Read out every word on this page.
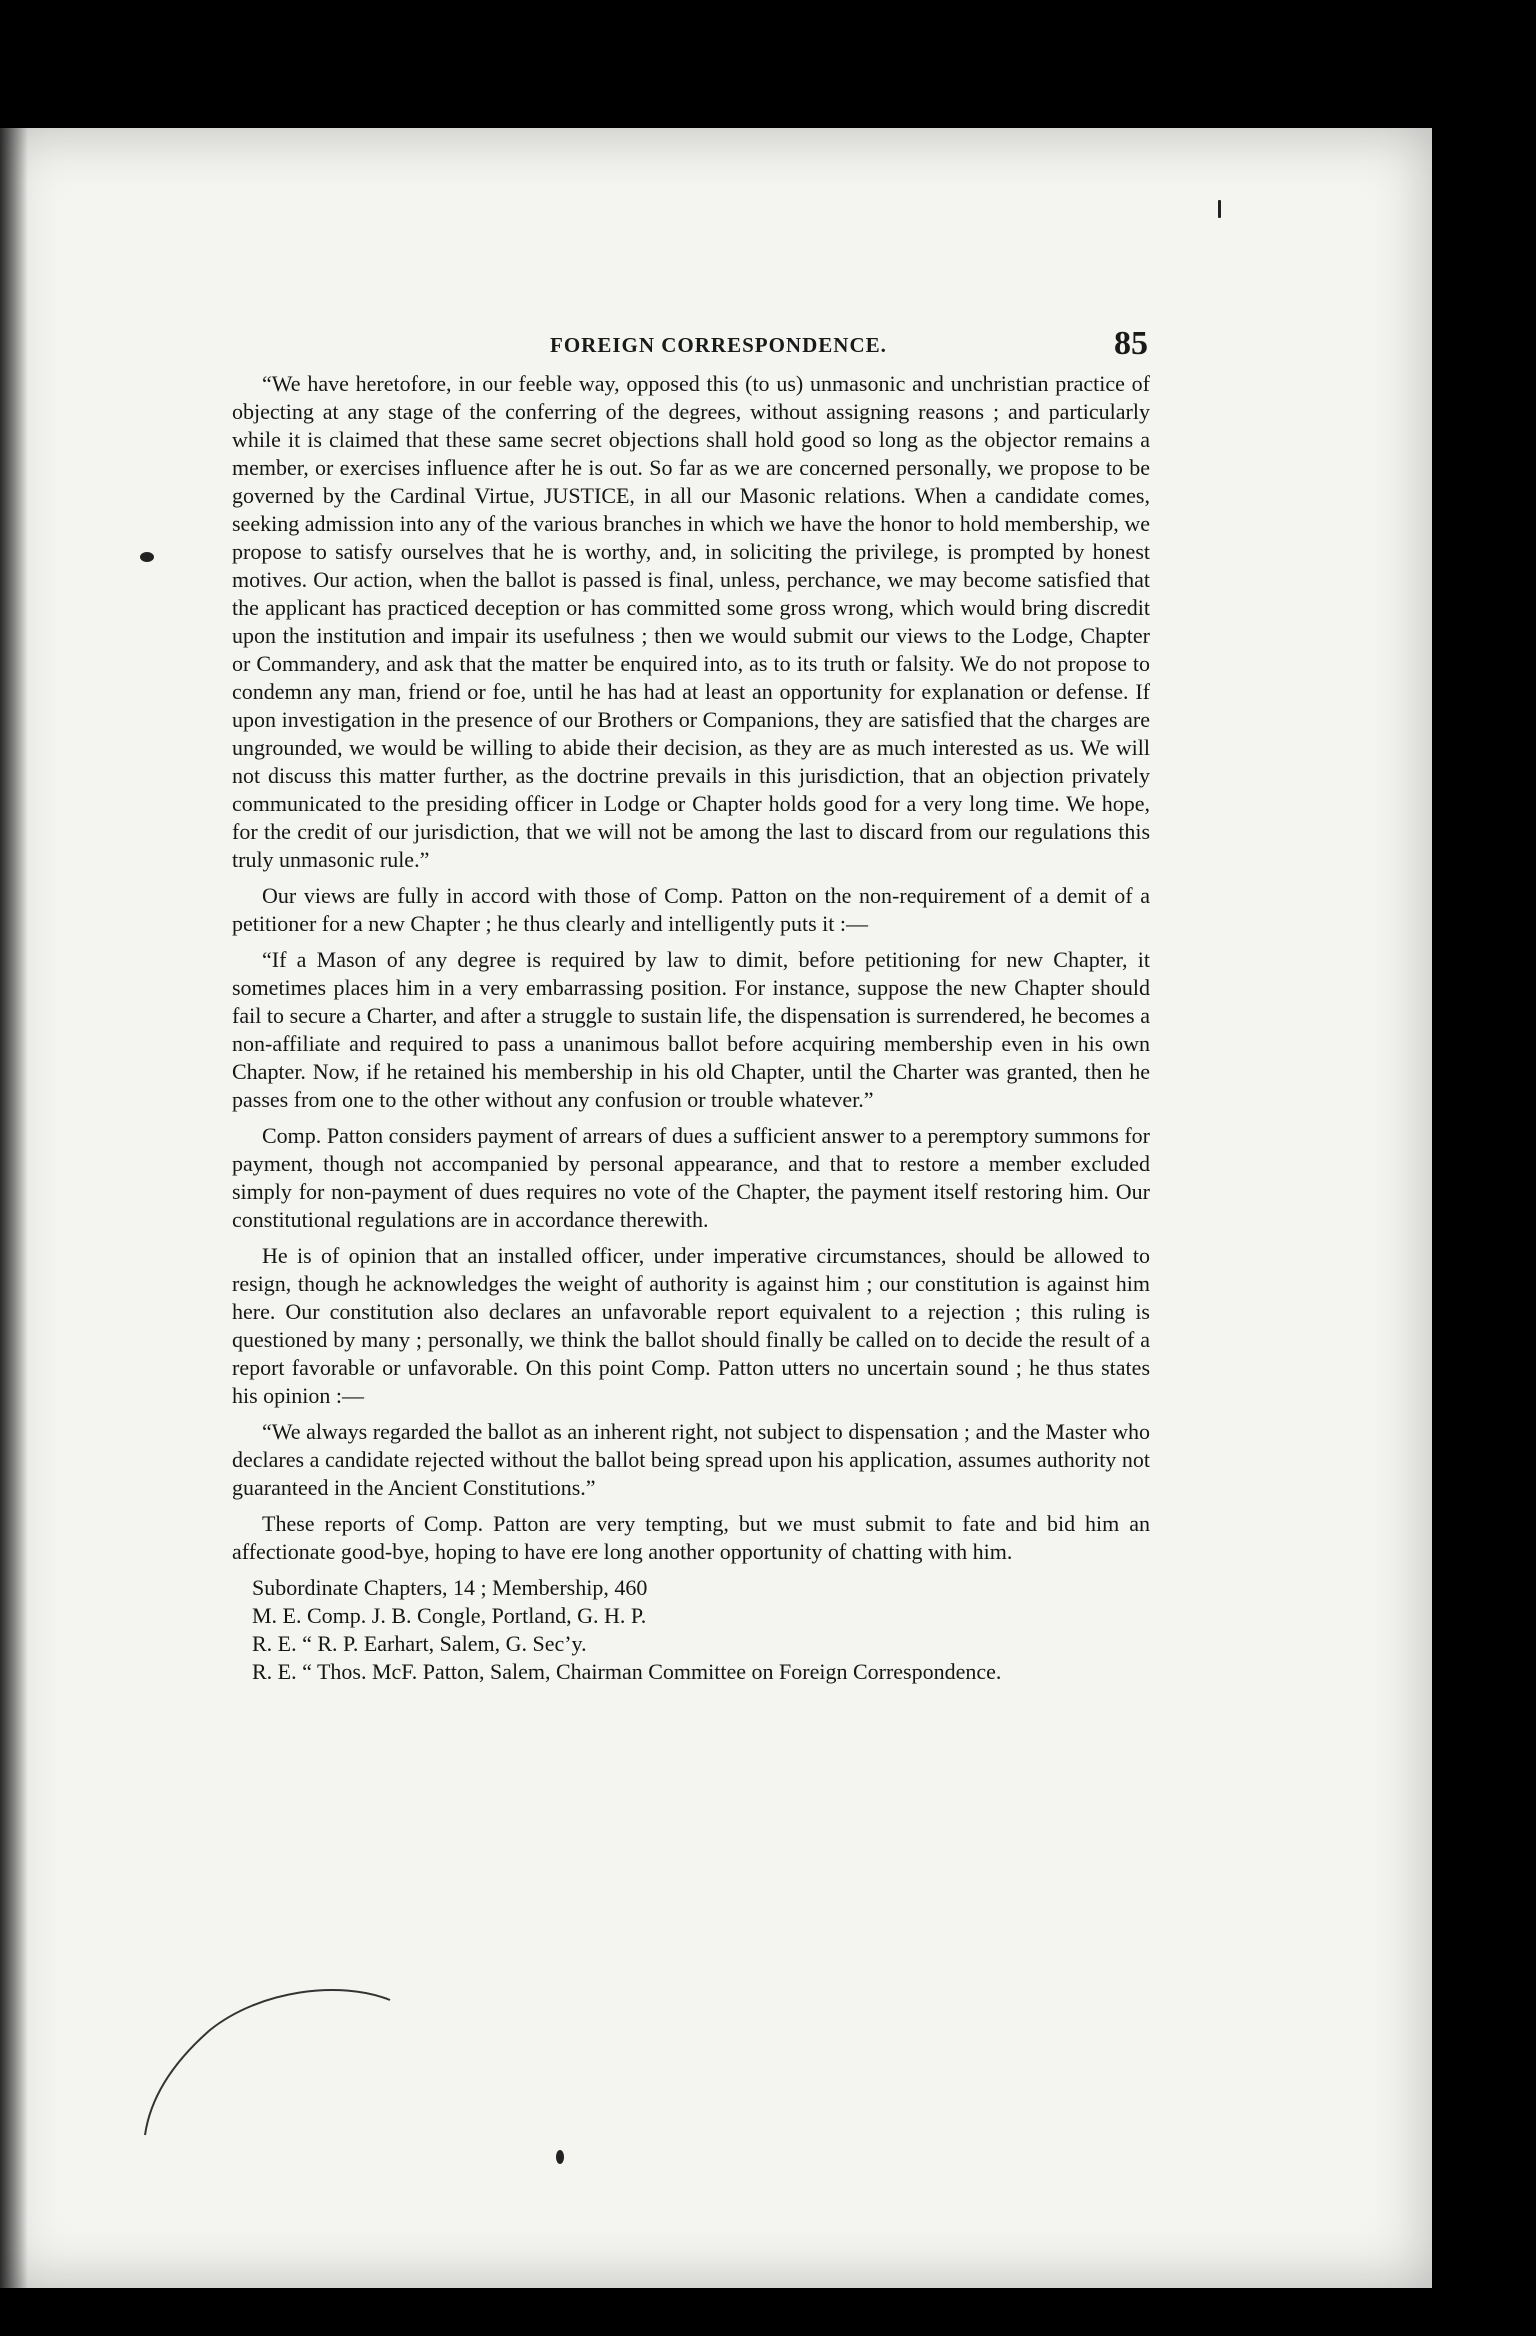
FOREIGN CORRESPONDENCE.	85

“We have heretofore, in our feeble way, opposed this (to us) unmasonic and unchristian practice of objecting at any stage of the conferring of the degrees, without assigning reasons ; and particularly while it is claimed that these same secret objections shall hold good so long as the objector remains a member, or exercises influence after he is out. So far as we are concerned personally, we propose to be governed by the Cardinal Virtue, JUSTICE, in all our Masonic relations. When a candidate comes, seeking admission into any of the various branches in which we have the honor to hold membership, we propose to satisfy ourselves that he is worthy, and, in soliciting the privilege, is prompted by honest motives. Our action, when the ballot is passed is final, unless, perchance, we may become satisfied that the applicant has practiced deception or has committed some gross wrong, which would bring discredit upon the institution and impair its usefulness ; then we would submit our views to the Lodge, Chapter or Commandery, and ask that the matter be enquired into, as to its truth or falsity. We do not propose to condemn any man, friend or foe, until he has had at least an opportunity for explanation or defense. If upon investigation in the presence of our Brothers or Companions, they are satisfied that the charges are ungrounded, we would be willing to abide their decision, as they are as much interested as us. We will not discuss this matter further, as the doctrine prevails in this jurisdiction, that an objection privately communicated to the presiding officer in Lodge or Chapter holds good for a very long time. We hope, for the credit of our jurisdiction, that we will not be among the last to discard from our regulations this truly unmasonic rule.”

Our views are fully in accord with those of Comp. Patton on the non-requirement of a demit of a petitioner for a new Chapter ; he thus clearly and intelligently puts it :—

“If a Mason of any degree is required by law to dimit, before petitioning for new Chapter, it sometimes places him in a very embarrassing position. For instance, suppose the new Chapter should fail to secure a Charter, and after a struggle to sustain life, the dispensation is surrendered, he becomes a non-affiliate and required to pass a unanimous ballot before acquiring membership even in his own Chapter. Now, if he retained his membership in his old Chapter, until the Charter was granted, then he passes from one to the other without any confusion or trouble whatever.”

Comp. Patton considers payment of arrears of dues a sufficient answer to a peremptory summons for payment, though not accompanied by personal appearance, and that to restore a member excluded simply for non-payment of dues requires no vote of the Chapter, the payment itself restoring him. Our constitutional regulations are in accordance therewith.

He is of opinion that an installed officer, under imperative circumstances, should be allowed to resign, though he acknowledges the weight of authority is against him ; our constitution is against him here. Our constitution also declares an unfavorable report equivalent to a rejection ; this ruling is questioned by many ; personally, we think the ballot should finally be called on to decide the result of a report favorable or unfavorable. On this point Comp. Patton utters no uncertain sound ; he thus states his opinion :—

“We always regarded the ballot as an inherent right, not subject to dispensation ; and the Master who declares a candidate rejected without the ballot being spread upon his application, assumes authority not guaranteed in the Ancient Constitutions.”

These reports of Comp. Patton are very tempting, but we must submit to fate and bid him an affectionate good-bye, hoping to have ere long another opportunity of chatting with him.

Subordinate Chapters, 14 ; Membership, 460

M. E. Comp. J. B. Congle, Portland, G. H. P.

R. E. “ R. P. Earhart, Salem, G. Sec’y.

R. E. “ Thos. McF. Patton, Salem, Chairman Committee on Foreign Correspondence.
